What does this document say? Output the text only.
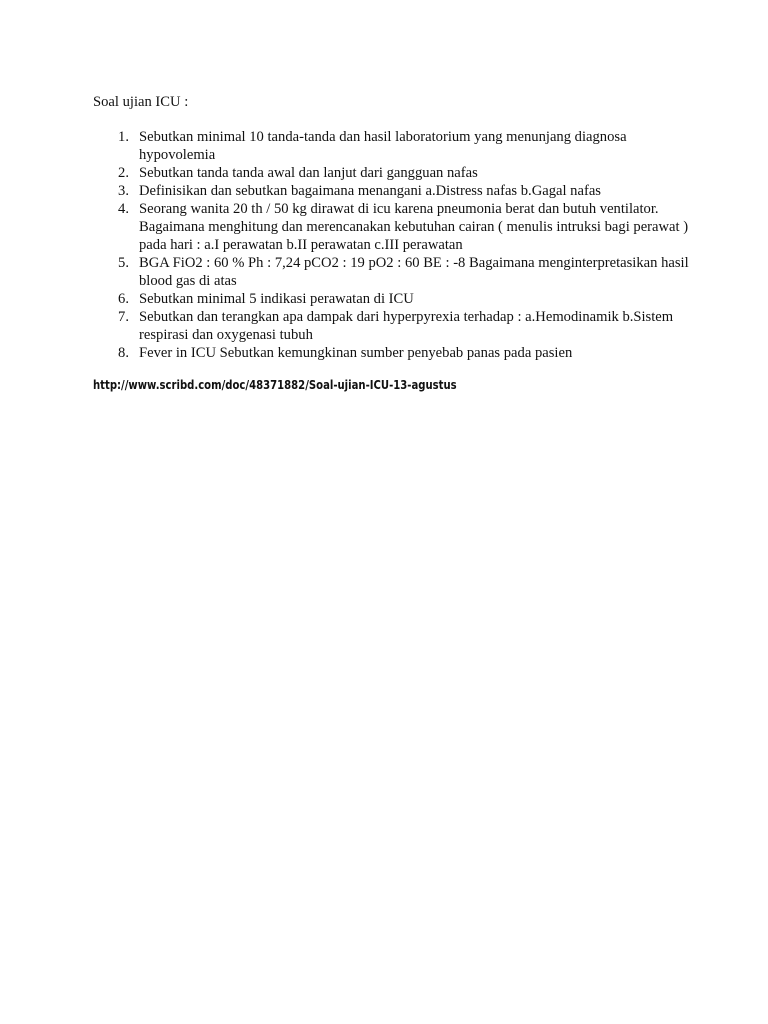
Soal ujian ICU :
1. Sebutkan minimal 10 tanda-tanda dan hasil laboratorium yang menunjang diagnosa hypovolemia
2. Sebutkan tanda tanda awal dan lanjut dari gangguan nafas
3. Definisikan dan sebutkan bagaimana menangani a.Distress nafas b.Gagal nafas
4. Seorang wanita 20 th / 50 kg dirawat di icu karena pneumonia berat dan butuh ventilator. Bagaimana menghitung dan merencanakan kebutuhan cairan ( menulis intruksi bagi perawat ) pada hari : a.I perawatan b.II perawatan c.III perawatan
5. BGA FiO2 : 60 % Ph : 7,24 pCO2 : 19 pO2 : 60 BE : -8 Bagaimana menginterpretasikan hasil blood gas di atas
6. Sebutkan minimal 5 indikasi perawatan di ICU
7. Sebutkan dan terangkan apa dampak dari hyperpyrexia terhadap : a.Hemodinamik b.Sistem respirasi dan oxygenasi tubuh
8. Fever in ICU Sebutkan kemungkinan sumber penyebab panas pada pasien
http://www.scribd.com/doc/48371882/Soal-ujian-ICU-13-agustus
